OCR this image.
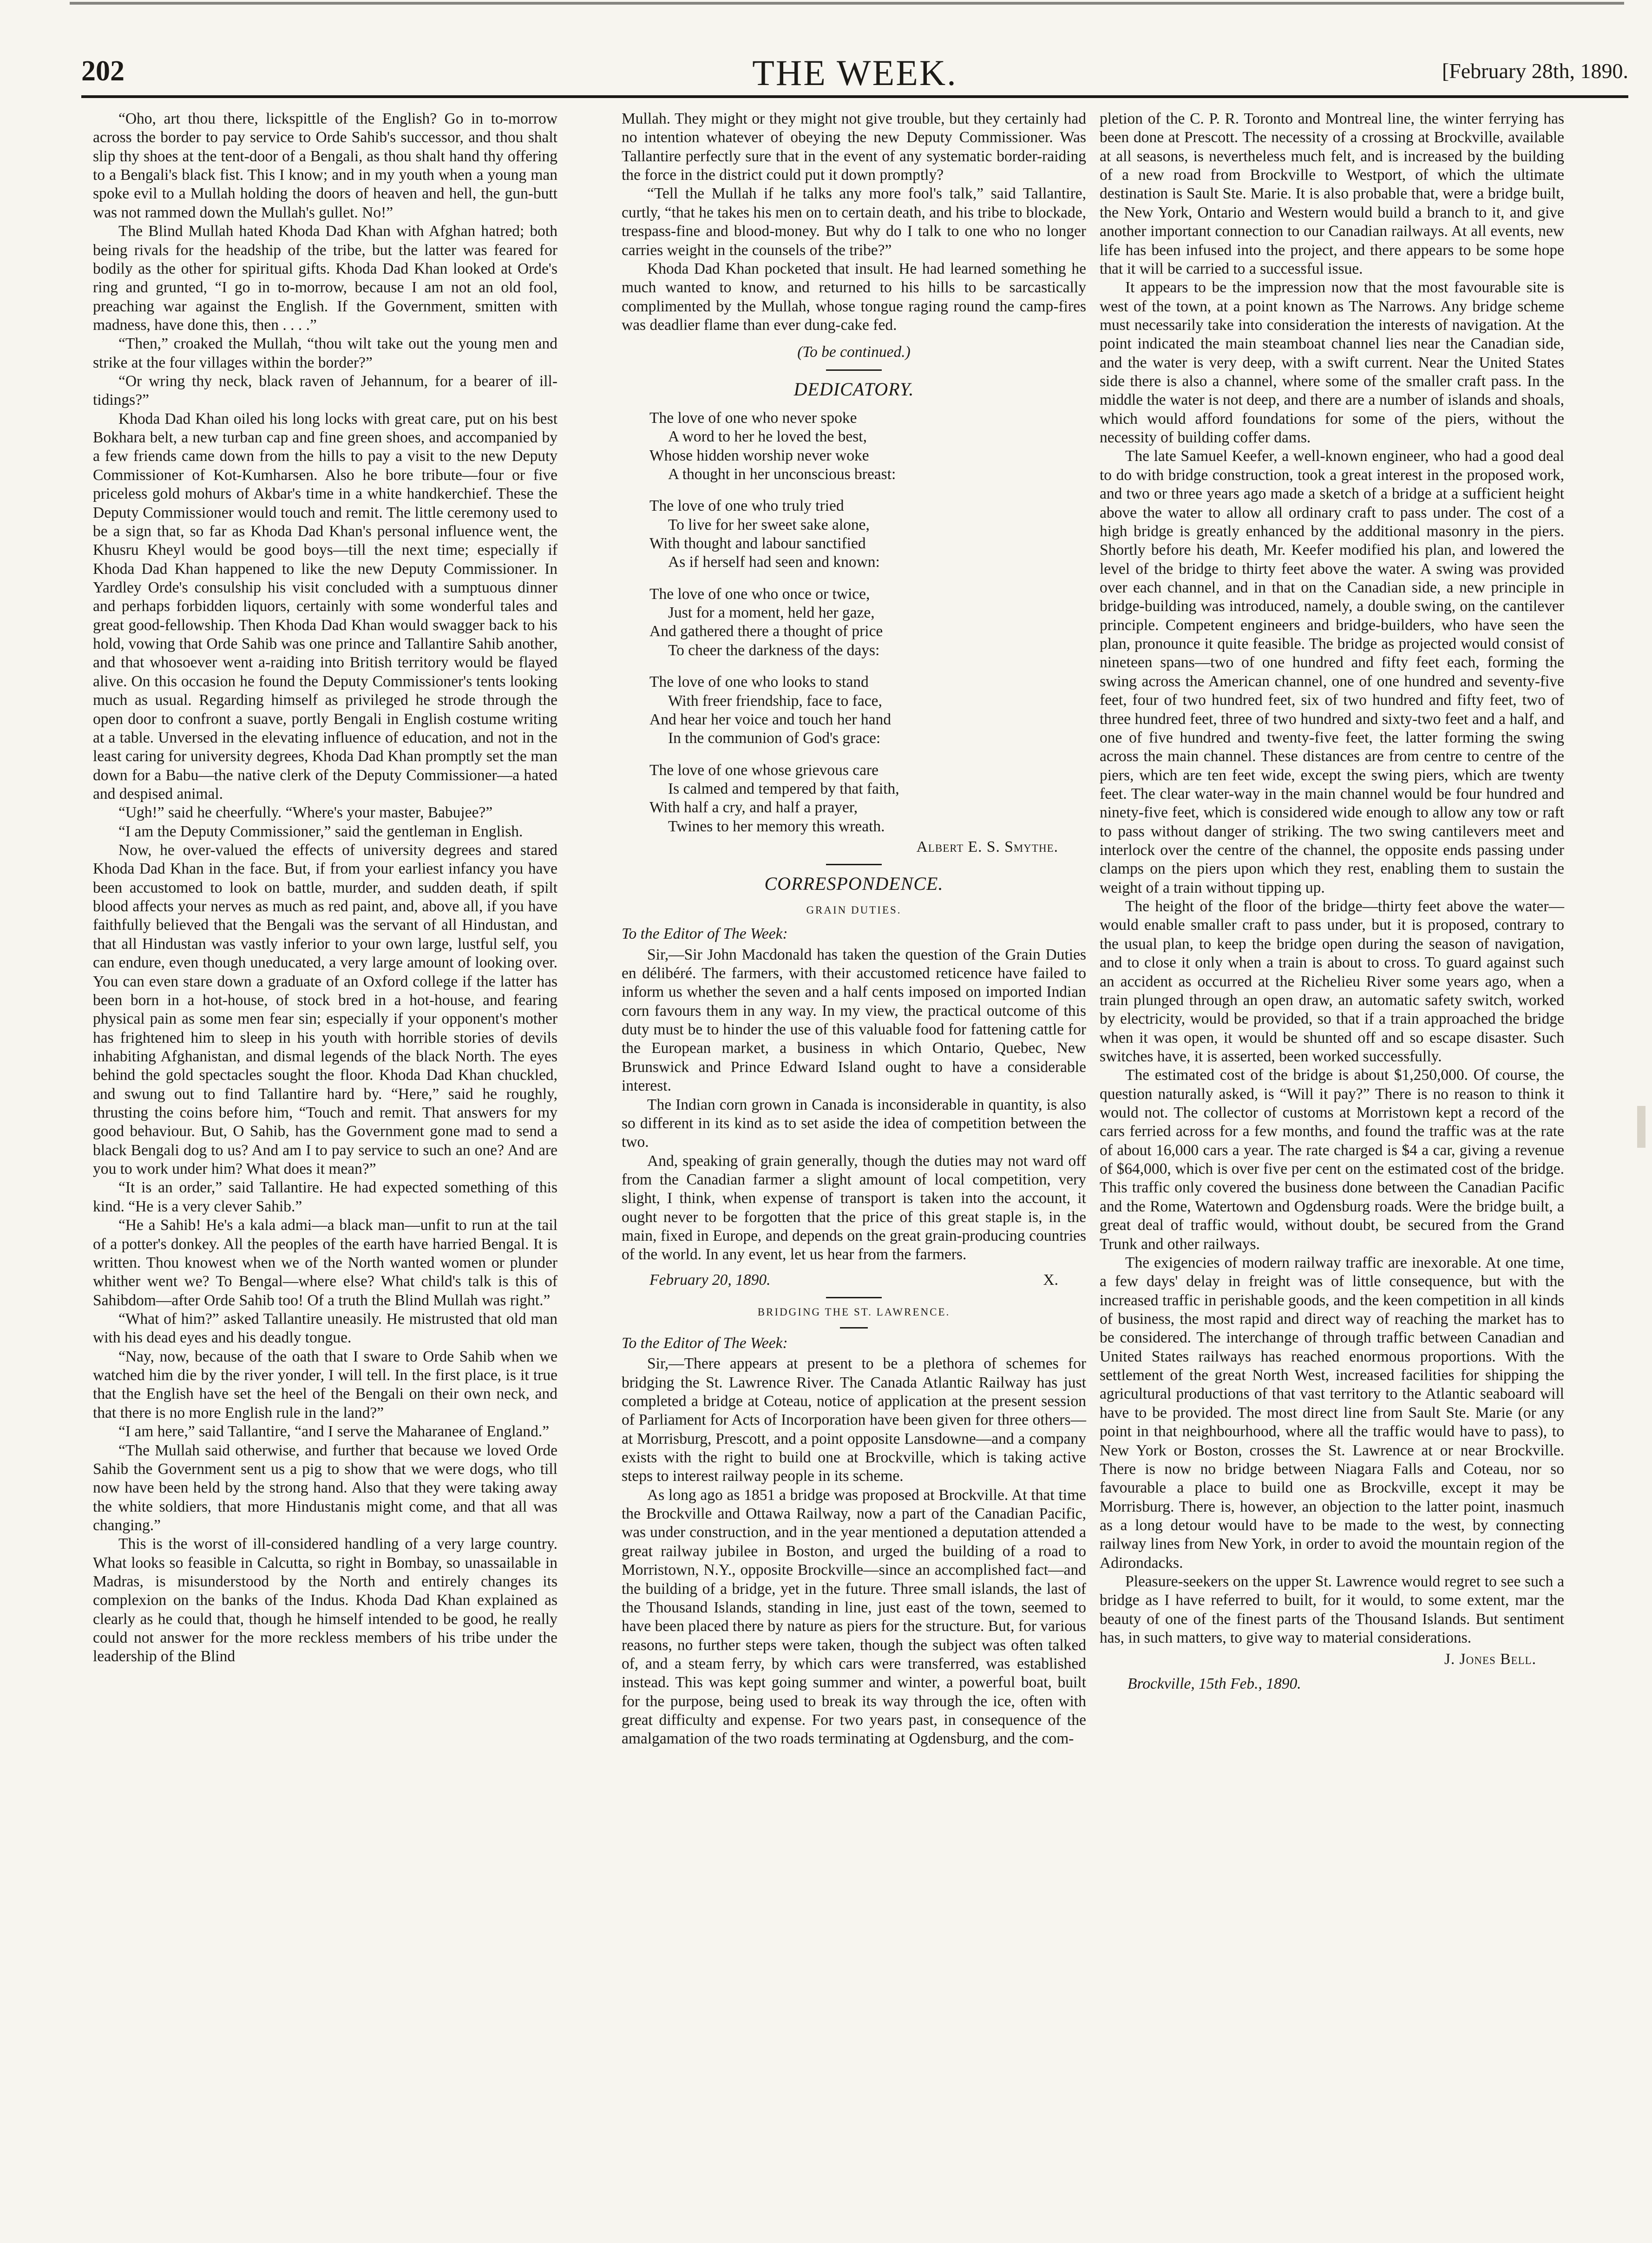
202	THE WEEK.	[February 28th, 1890.

“Oho, art thou there, lickspittle of the English? Go in to-morrow across the border to pay service to Orde Sahib's successor, and thou shalt slip thy shoes at the tent-door of a Bengali, as thou shalt hand thy offering to a Bengali's black fist. This I know; and in my youth when a young man spoke evil to a Mullah holding the doors of heaven and hell, the gun-butt was not rammed down the Mullah's gullet. No!”

The Blind Mullah hated Khoda Dad Khan with Afghan hatred; both being rivals for the headship of the tribe, but the latter was feared for bodily as the other for spiritual gifts. Khoda Dad Khan looked at Orde's ring and grunted, “I go in to-morrow, because I am not an old fool, preaching war against the English. If the Government, smitten with madness, have done this, then . . . .”

“Then,” croaked the Mullah, “thou wilt take out the young men and strike at the four villages within the border?”

“Or wring thy neck, black raven of Jehannum, for a bearer of ill-tidings?”

Khoda Dad Khan oiled his long locks with great care, put on his best Bokhara belt, a new turban cap and fine green shoes, and accompanied by a few friends came down from the hills to pay a visit to the new Deputy Commissioner of Kot-Kumharsen. Also he bore tribute—four or five priceless gold mohurs of Akbar's time in a white handkerchief. These the Deputy Commissioner would touch and remit. The little ceremony used to be a sign that, so far as Khoda Dad Khan's personal influence went, the Khusru Kheyl would be good boys—till the next time; especially if Khoda Dad Khan happened to like the new Deputy Commissioner. In Yardley Orde's consulship his visit concluded with a sumptuous dinner and perhaps forbidden liquors, certainly with some wonderful tales and great good-fellowship. Then Khoda Dad Khan would swagger back to his hold, vowing that Orde Sahib was one prince and Tallantire Sahib another, and that whosoever went a-raiding into British territory would be flayed alive. On this occasion he found the Deputy Commissioner's tents looking much as usual. Regarding himself as privileged he strode through the open door to confront a suave, portly Bengali in English costume writing at a table. Unversed in the elevating influence of education, and not in the least caring for university degrees, Khoda Dad Khan promptly set the man down for a Babu—the native clerk of the Deputy Commissioner—a hated and despised animal.

“Ugh!” said he cheerfully. “Where's your master, Babujee?”

“I am the Deputy Commissioner,” said the gentleman in English.

Now, he over-valued the effects of university degrees and stared Khoda Dad Khan in the face. But, if from your earliest infancy you have been accustomed to look on battle, murder, and sudden death, if spilt blood affects your nerves as much as red paint, and, above all, if you have faithfully believed that the Bengali was the servant of all Hindustan, and that all Hindustan was vastly inferior to your own large, lustful self, you can endure, even though uneducated, a very large amount of looking over. You can even stare down a graduate of an Oxford college if the latter has been born in a hot-house, of stock bred in a hot-house, and fearing physical pain as some men fear sin; especially if your opponent's mother has frightened him to sleep in his youth with horrible stories of devils inhabiting Afghanistan, and dismal legends of the black North. The eyes behind the gold spectacles sought the floor. Khoda Dad Khan chuckled, and swung out to find Tallantire hard by. “Here,” said he roughly, thrusting the coins before him, “Touch and remit. That answers for my good behaviour. But, O Sahib, has the Government gone mad to send a black Bengali dog to us? And am I to pay service to such an one? And are you to work under him? What does it mean?”

“It is an order,” said Tallantire. He had expected something of this kind. “He is a very clever Sahib.”

“He a Sahib! He's a kala admi—a black man—unfit to run at the tail of a potter's donkey. All the peoples of the earth have harried Bengal. It is written. Thou knowest when we of the North wanted women or plunder whither went we? To Bengal—where else? What child's talk is this of Sahibdom—after Orde Sahib too! Of a truth the Blind Mullah was right.”

“What of him?” asked Tallantire uneasily. He mistrusted that old man with his dead eyes and his deadly tongue.

“Nay, now, because of the oath that I sware to Orde Sahib when we watched him die by the river yonder, I will tell. In the first place, is it true that the English have set the heel of the Bengali on their own neck, and that there is no more English rule in the land?”

“I am here,” said Tallantire, “and I serve the Maharanee of England.”

“The Mullah said otherwise, and further that because we loved Orde Sahib the Government sent us a pig to show that we were dogs, who till now have been held by the strong hand. Also that they were taking away the white soldiers, that more Hindustanis might come, and that all was changing.”

This is the worst of ill-considered handling of a very large country. What looks so feasible in Calcutta, so right in Bombay, so unassailable in Madras, is misunderstood by the North and entirely changes its complexion on the banks of the Indus. Khoda Dad Khan explained as clearly as he could that, though he himself intended to be good, he really could not answer for the more reckless members of his tribe under the leadership of the Blind

Mullah. They might or they might not give trouble, but they certainly had no intention whatever of obeying the new Deputy Commissioner. Was Tallantire perfectly sure that in the event of any systematic border-raiding the force in the district could put it down promptly?

“Tell the Mullah if he talks any more fool's talk,” said Tallantire, curtly, “that he takes his men on to certain death, and his tribe to blockade, trespass-fine and blood-money. But why do I talk to one who no longer carries weight in the counsels of the tribe?”

Khoda Dad Khan pocketed that insult. He had learned something he much wanted to know, and returned to his hills to be sarcastically complimented by the Mullah, whose tongue raging round the camp-fires was deadlier flame than ever dung-cake fed.

(To be continued.)
DEDICATORY.
The love of one who never spoke
A word to her he loved the best,
Whose hidden worship never woke
A thought in her unconscious breast:
The love of one who truly tried
To live for her sweet sake alone,
With thought and labour sanctified
As if herself had seen and known:
The love of one who once or twice,
Just for a moment, held her gaze,
And gathered there a thought of price
To cheer the darkness of the days:
The love of one who looks to stand
With freer friendship, face to face,
And hear her voice and touch her hand
In the communion of God's grace:
The love of one whose grievous care
Is calmed and tempered by that faith,
With half a cry, and half a prayer,
Twines to her memory this wreath.
Albert E. S. Smythe.
CORRESPONDENCE.
GRAIN DUTIES.
To the Editor of The Week:

Sir,—Sir John Macdonald has taken the question of the Grain Duties en délibéré. The farmers, with their accustomed reticence have failed to inform us whether the seven and a half cents imposed on imported Indian corn favours them in any way. In my view, the practical outcome of this duty must be to hinder the use of this valuable food for fattening cattle for the European market, a business in which Ontario, Quebec, New Brunswick and Prince Edward Island ought to have a considerable interest.

The Indian corn grown in Canada is inconsiderable in quantity, is also so different in its kind as to set aside the idea of competition between the two.

And, speaking of grain generally, though the duties may not ward off from the Canadian farmer a slight amount of local competition, very slight, I think, when expense of transport is taken into the account, it ought never to be forgotten that the price of this great staple is, in the main, fixed in Europe, and depends on the great grain-producing countries of the world. In any event, let us hear from the farmers.

February 20, 1890.	X.
BRIDGING THE ST. LAWRENCE.
To the Editor of The Week:

Sir,—There appears at present to be a plethora of schemes for bridging the St. Lawrence River. The Canada Atlantic Railway has just completed a bridge at Coteau, notice of application at the present session of Parliament for Acts of Incorporation have been given for three others—at Morrisburg, Prescott, and a point opposite Lansdowne—and a company exists with the right to build one at Brockville, which is taking active steps to interest railway people in its scheme.

As long ago as 1851 a bridge was proposed at Brockville. At that time the Brockville and Ottawa Railway, now a part of the Canadian Pacific, was under construction, and in the year mentioned a deputation attended a great railway jubilee in Boston, and urged the building of a road to Morristown, N.Y., opposite Brockville—since an accomplished fact—and the building of a bridge, yet in the future. Three small islands, the last of the Thousand Islands, standing in line, just east of the town, seemed to have been placed there by nature as piers for the structure. But, for various reasons, no further steps were taken, though the subject was often talked of, and a steam ferry, by which cars were transferred, was established instead. This was kept going summer and winter, a powerful boat, built for the purpose, being used to break its way through the ice, often with great difficulty and expense. For two years past, in consequence of the amalgamation of the two roads terminating at Ogdensburg, and the com-

pletion of the C. P. R. Toronto and Montreal line, the winter ferrying has been done at Prescott. The necessity of a crossing at Brockville, available at all seasons, is nevertheless much felt, and is increased by the building of a new road from Brockville to Westport, of which the ultimate destination is Sault Ste. Marie. It is also probable that, were a bridge built, the New York, Ontario and Western would build a branch to it, and give another important connection to our Canadian railways. At all events, new life has been infused into the project, and there appears to be some hope that it will be carried to a successful issue.

It appears to be the impression now that the most favourable site is west of the town, at a point known as The Narrows. Any bridge scheme must necessarily take into consideration the interests of navigation. At the point indicated the main steamboat channel lies near the Canadian side, and the water is very deep, with a swift current. Near the United States side there is also a channel, where some of the smaller craft pass. In the middle the water is not deep, and there are a number of islands and shoals, which would afford foundations for some of the piers, without the necessity of building coffer dams.

The late Samuel Keefer, a well-known engineer, who had a good deal to do with bridge construction, took a great interest in the proposed work, and two or three years ago made a sketch of a bridge at a sufficient height above the water to allow all ordinary craft to pass under. The cost of a high bridge is greatly enhanced by the additional masonry in the piers. Shortly before his death, Mr. Keefer modified his plan, and lowered the level of the bridge to thirty feet above the water. A swing was provided over each channel, and in that on the Canadian side, a new principle in bridge-building was introduced, namely, a double swing, on the cantilever principle. Competent engineers and bridge-builders, who have seen the plan, pronounce it quite feasible. The bridge as projected would consist of nineteen spans—two of one hundred and fifty feet each, forming the swing across the American channel, one of one hundred and seventy-five feet, four of two hundred feet, six of two hundred and fifty feet, two of three hundred feet, three of two hundred and sixty-two feet and a half, and one of five hundred and twenty-five feet, the latter forming the swing across the main channel. These distances are from centre to centre of the piers, which are ten feet wide, except the swing piers, which are twenty feet. The clear water-way in the main channel would be four hundred and ninety-five feet, which is considered wide enough to allow any tow or raft to pass without danger of striking. The two swing cantilevers meet and interlock over the centre of the channel, the opposite ends passing under clamps on the piers upon which they rest, enabling them to sustain the weight of a train without tipping up.

The height of the floor of the bridge—thirty feet above the water—would enable smaller craft to pass under, but it is proposed, contrary to the usual plan, to keep the bridge open during the season of navigation, and to close it only when a train is about to cross. To guard against such an accident as occurred at the Richelieu River some years ago, when a train plunged through an open draw, an automatic safety switch, worked by electricity, would be provided, so that if a train approached the bridge when it was open, it would be shunted off and so escape disaster. Such switches have, it is asserted, been worked successfully.

The estimated cost of the bridge is about $1,250,000. Of course, the question naturally asked, is “Will it pay?” There is no reason to think it would not. The collector of customs at Morristown kept a record of the cars ferried across for a few months, and found the traffic was at the rate of about 16,000 cars a year. The rate charged is $4 a car, giving a revenue of $64,000, which is over five per cent on the estimated cost of the bridge. This traffic only covered the business done between the Canadian Pacific and the Rome, Watertown and Ogdensburg roads. Were the bridge built, a great deal of traffic would, without doubt, be secured from the Grand Trunk and other railways.

The exigencies of modern railway traffic are inexorable. At one time, a few days' delay in freight was of little consequence, but with the increased traffic in perishable goods, and the keen competition in all kinds of business, the most rapid and direct way of reaching the market has to be considered. The interchange of through traffic between Canadian and United States railways has reached enormous proportions. With the settlement of the great North West, increased facilities for shipping the agricultural productions of that vast territory to the Atlantic seaboard will have to be provided. The most direct line from Sault Ste. Marie (or any point in that neighbourhood, where all the traffic would have to pass), to New York or Boston, crosses the St. Lawrence at or near Brockville. There is now no bridge between Niagara Falls and Coteau, nor so favourable a place to build one as Brockville, except it may be Morrisburg. There is, however, an objection to the latter point, inasmuch as a long detour would have to be made to the west, by connecting railway lines from New York, in order to avoid the mountain region of the Adirondacks.

Pleasure-seekers on the upper St. Lawrence would regret to see such a bridge as I have referred to built, for it would, to some extent, mar the beauty of one of the finest parts of the Thousand Islands. But sentiment has, in such matters, to give way to material considerations.

J. Jones Bell.
Brockville, 15th Feb., 1890.
